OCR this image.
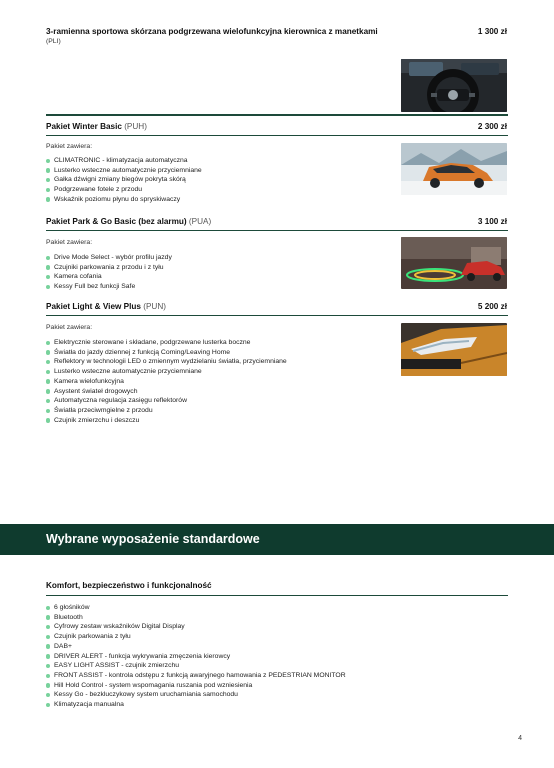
3-ramienna sportowa skórzana podgrzewana wielofunkcyjna kierownica z manetkami
(PLI)
1 300 zł
Pakiet Winter Basic (PUH)	2 300 zł
Pakiet zawiera:
CLIMATRONIC - klimatyzacja automatyczna
Lusterko wsteczne automatycznie przyciemniane
Gałka dźwigni zmiany biegów pokryta skórą
Podgrzewane fotele z przodu
Wskaźnik poziomu płynu do spryskiwaczy
Pakiet Park & Go Basic (bez alarmu) (PUA)	3 100 zł
Pakiet zawiera:
Drive Mode Select - wybór profilu jazdy
Czujniki parkowania z przodu i z tyłu
Kamera cofania
Kessy Full bez funkcji Safe
Pakiet Light & View Plus (PUN)	5 200 zł
Pakiet zawiera:
Elektrycznie sterowane i składane, podgrzewane lusterka boczne
Światła do jazdy dziennej z funkcją Coming/Leaving Home
Reflektory w technologii LED o zmiennym wydzielaniu światła, przyciemniane
Lusterko wsteczne automatycznie przyciemniane
Kamera wielofunkcyjna
Asystent świateł drogowych
Automatyczna regulacja zasięgu reflektorów
Światła przeciwmgielne z przodu
Czujnik zmierzchu i deszczu
Wybrane wyposażenie standardowe
Komfort, bezpieczeństwo i funkcjonalność
6 głośników
Bluetooth
Cyfrowy zestaw wskaźników Digital Display
Czujnik parkowania z tyłu
DAB+
DRIVER ALERT - funkcja wykrywania zmęczenia kierowcy
EASY LIGHT ASSIST - czujnik zmierzchu
FRONT ASSIST - kontrola odstępu z funkcją awaryjnego hamowania z PEDESTRIAN MONITOR
Hill Hold Control - system wspomagania ruszania pod wzniesienia
Kessy Go - bezkluczykowy system uruchamiania samochodu
Klimatyzacja manualna
4
